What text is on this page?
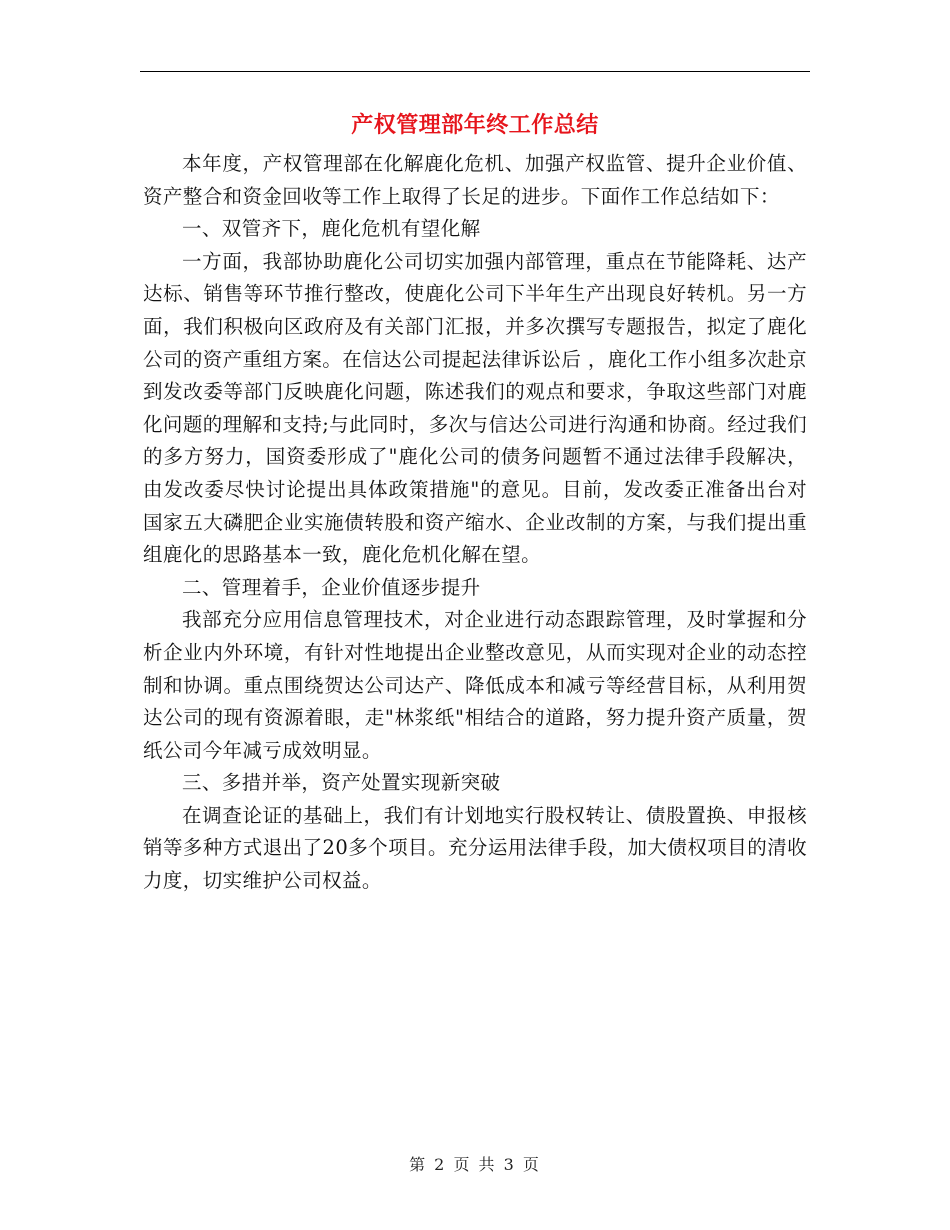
产权管理部年终工作总结

本年度，产权管理部在化解鹿化危机、加强产权监管、提升企业价值、资产整合和资金回收等工作上取得了长足的进步。下面作工作总结如下：

一、双管齐下，鹿化危机有望化解

一方面，我部协助鹿化公司切实加强内部管理，重点在节能降耗、达产达标、销售等环节推行整改，使鹿化公司下半年生产出现良好转机。另一方面，我们积极向区政府及有关部门汇报，并多次撰写专题报告，拟定了鹿化公司的资产重组方案。在信达公司提起法律诉讼后 ，鹿化工作小组多次赴京到发改委等部门反映鹿化问题，陈述我们的观点和要求，争取这些部门对鹿化问题的理解和支持;与此同时，多次与信达公司进行沟通和协商。经过我们的多方努力，国资委形成了"鹿化公司的债务问题暂不通过法律手段解决，由发改委尽快讨论提出具体政策措施"的意见。目前，发改委正准备出台对国家五大磷肥企业实施债转股和资产缩水、企业改制的方案，与我们提出重组鹿化的思路基本一致，鹿化危机化解在望。

二、管理着手，企业价值逐步提升

我部充分应用信息管理技术，对企业进行动态跟踪管理，及时掌握和分析企业内外环境，有针对性地提出企业整改意见，从而实现对企业的动态控制和协调。重点围绕贺达公司达产、降低成本和减亏等经营目标，从利用贺达公司的现有资源着眼，走"林浆纸"相结合的道路，努力提升资产质量，贺纸公司今年减亏成效明显。

三、多措并举，资产处置实现新突破

在调查论证的基础上，我们有计划地实行股权转让、债股置换、申报核销等多种方式退出了20多个项目。充分运用法律手段，加大债权项目的清收力度，切实维护公司权益。

第 2 页 共 3 页
